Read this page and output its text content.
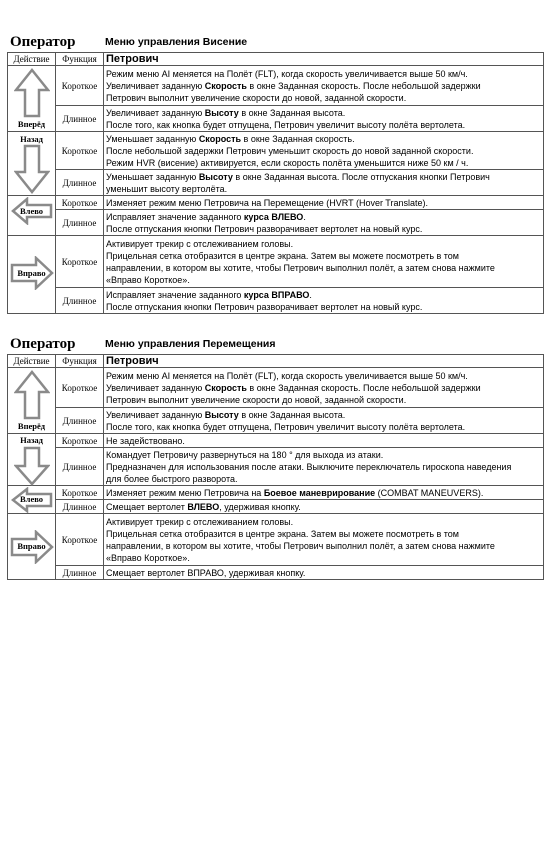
Оператор	Меню управления Висение
Действие	Функция	Петрович

Вперёд	Короткое	Режим меню AI меняется на Полёт (FLT), когда скорость увеличивается выше 50 км/ч.
Увеличивает заданную Скорость в окне Заданная скорость. После небольшой задержки
Петрович выполнит увеличение скорости до новой, заданной скорости.

	Длинное	Увеличивает заданную Высоту в окне Заданная высота.
После того, как кнопка будет отпущена, Петрович увеличит высоту полёта вертолета.

Назад	Короткое	Уменьшает заданную Скорость в окне Заданная скорость.
После небольшой задержки Петрович уменьшит скорость до новой заданной скорости.
Режим HVR (висение) активируется, если скорость полёта уменьшится ниже 50 км / ч.

	Длинное	Уменьшает заданную Высоту в окне Заданная высота. После отпускания кнопки Петрович
уменьшит высоту вертолёта.

Влево	Короткое	Изменяет режим меню Петровича на Перемещение (HVRT (Hover Translate).

	Длинное	Исправляет значение заданного курса ВЛЕВО.
После отпускания кнопки Петрович разворачивает вертолет на новый курс.

Вправо	Короткое	Активирует трекир с отслеживанием головы.
Прицельная сетка отобразится в центре экрана. Затем вы можете посмотреть в том
направлении, в котором вы хотите, чтобы Петрович выполнил полёт, а затем снова нажмите
«Вправо Короткое».

	Длинное	Исправляет значение заданного курса ВПРАВО.
После отпускания кнопки Петрович разворачивает вертолет на новый курс.
Оператор	Меню управления Перемещения
Действие	Функция	Петрович

Вперёд	Короткое	Режим меню AI меняется на Полёт (FLT), когда скорость увеличивается выше 50 км/ч.
Увеличивает заданную Скорость в окне Заданная скорость. После небольшой задержки
Петрович выполнит увеличение скорости до новой, заданной скорости.

	Длинное	Увеличивает заданную Высоту в окне Заданная высота.
После того, как кнопка будет отпущена, Петрович увеличит высоту полёта вертолета.

Назад	Короткое	Не задействовано.

	Длинное	Командует Петровичу развернуться на 180 ° для выхода из атаки.
Предназначен для использования после атаки. Выключите переключатель гироскопа наведения
для более быстрого разворота.

Влево	Короткое	Изменяет режим меню Петровича на Боевое маневрирование (COMBAT MANEUVERS).

	Длинное	Смещает вертолет ВЛЕВО, удерживая кнопку.

Вправо	Короткое	Активирует трекир с отслеживанием головы.
Прицельная сетка отобразится в центре экрана. Затем вы можете посмотреть в том
направлении, в котором вы хотите, чтобы Петрович выполнил полёт, а затем снова нажмите
«Вправо Короткое».

	Длинное	Смещает вертолет ВПРАВО, удерживая кнопку.
